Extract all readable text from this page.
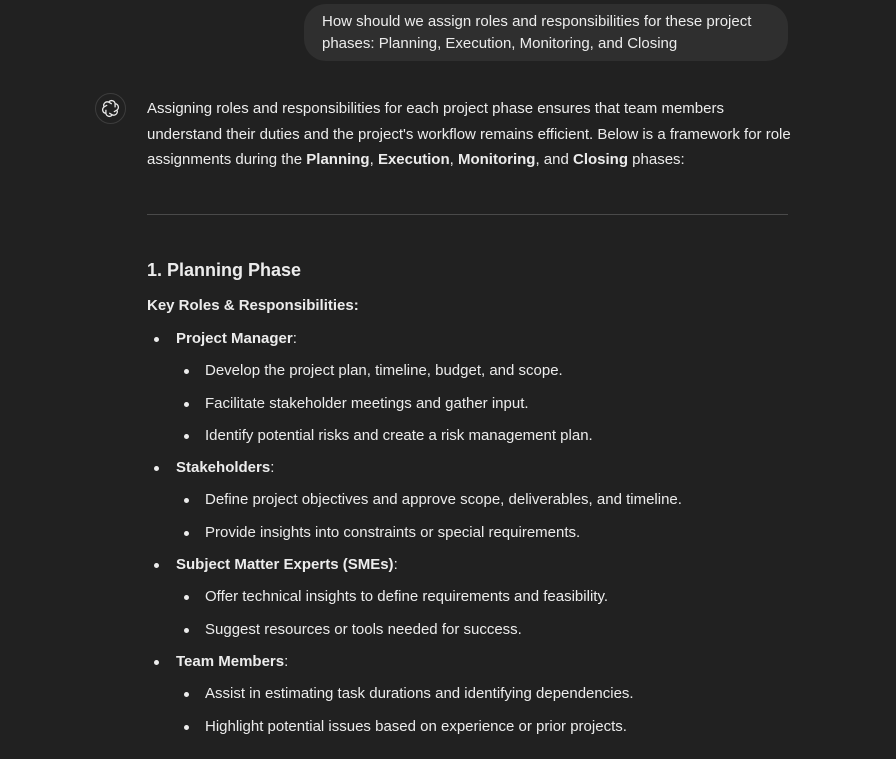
How should we assign roles and responsibilities for these project phases: Planning, Execution, Monitoring, and Closing

Assigning roles and responsibilities for each project phase ensures that team members understand their duties and the project's workflow remains efficient. Below is a framework for role assignments during the Planning, Execution, Monitoring, and Closing phases:

1. Planning Phase

Key Roles & Responsibilities:

Project Manager:
Develop the project plan, timeline, budget, and scope.
Facilitate stakeholder meetings and gather input.
Identify potential risks and create a risk management plan.
Stakeholders:
Define project objectives and approve scope, deliverables, and timeline.
Provide insights into constraints or special requirements.
Subject Matter Experts (SMEs):
Offer technical insights to define requirements and feasibility.
Suggest resources or tools needed for success.
Team Members:
Assist in estimating task durations and identifying dependencies.
Highlight potential issues based on experience or prior projects.
